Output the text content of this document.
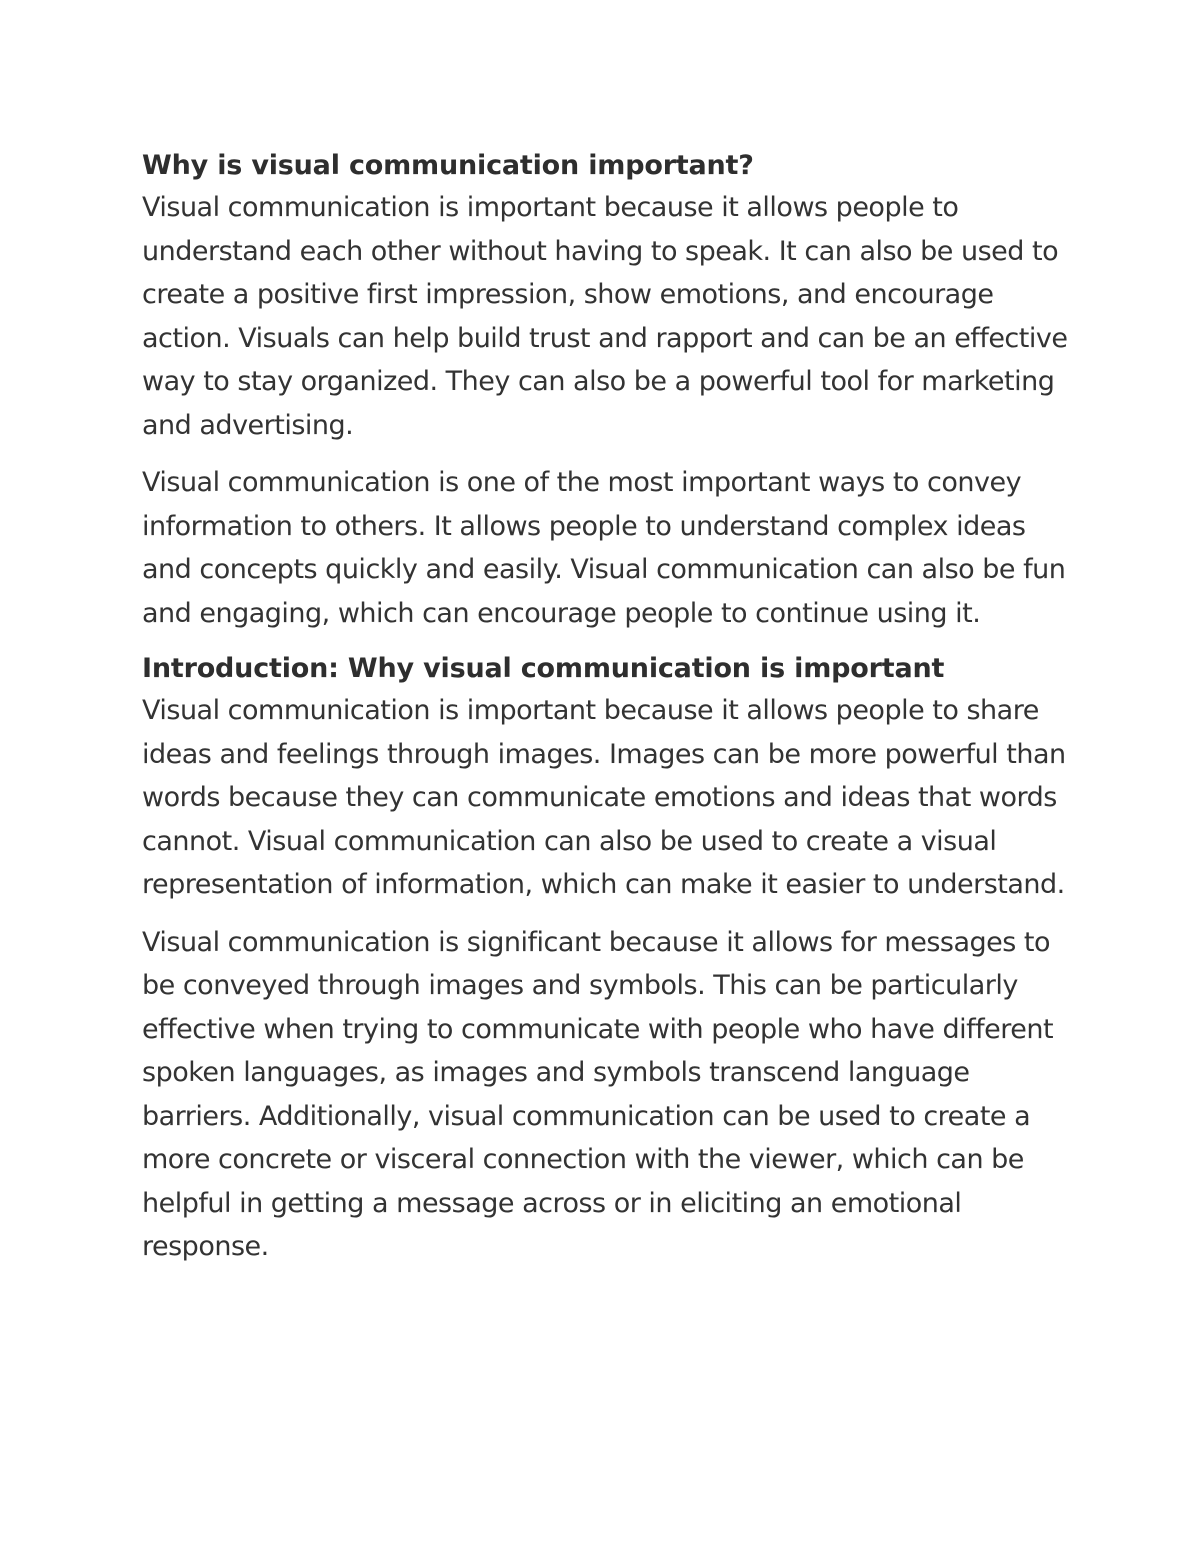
Why is visual communication important?

Visual communication is important because it allows people to understand each other without having to speak. It can also be used to create a positive first impression, show emotions, and encourage action. Visuals can help build trust and rapport and can be an effective way to stay organized. They can also be a powerful tool for marketing and advertising.

Visual communication is one of the most important ways to convey information to others. It allows people to understand complex ideas and concepts quickly and easily. Visual communication can also be fun and engaging, which can encourage people to continue using it.

Introduction: Why visual communication is important

Visual communication is important because it allows people to share ideas and feelings through images. Images can be more powerful than words because they can communicate emotions and ideas that words cannot. Visual communication can also be used to create a visual representation of information, which can make it easier to understand.

Visual communication is significant because it allows for messages to be conveyed through images and symbols. This can be particularly effective when trying to communicate with people who have different spoken languages, as images and symbols transcend language barriers. Additionally, visual communication can be used to create a more concrete or visceral connection with the viewer, which can be helpful in getting a message across or in eliciting an emotional response.
